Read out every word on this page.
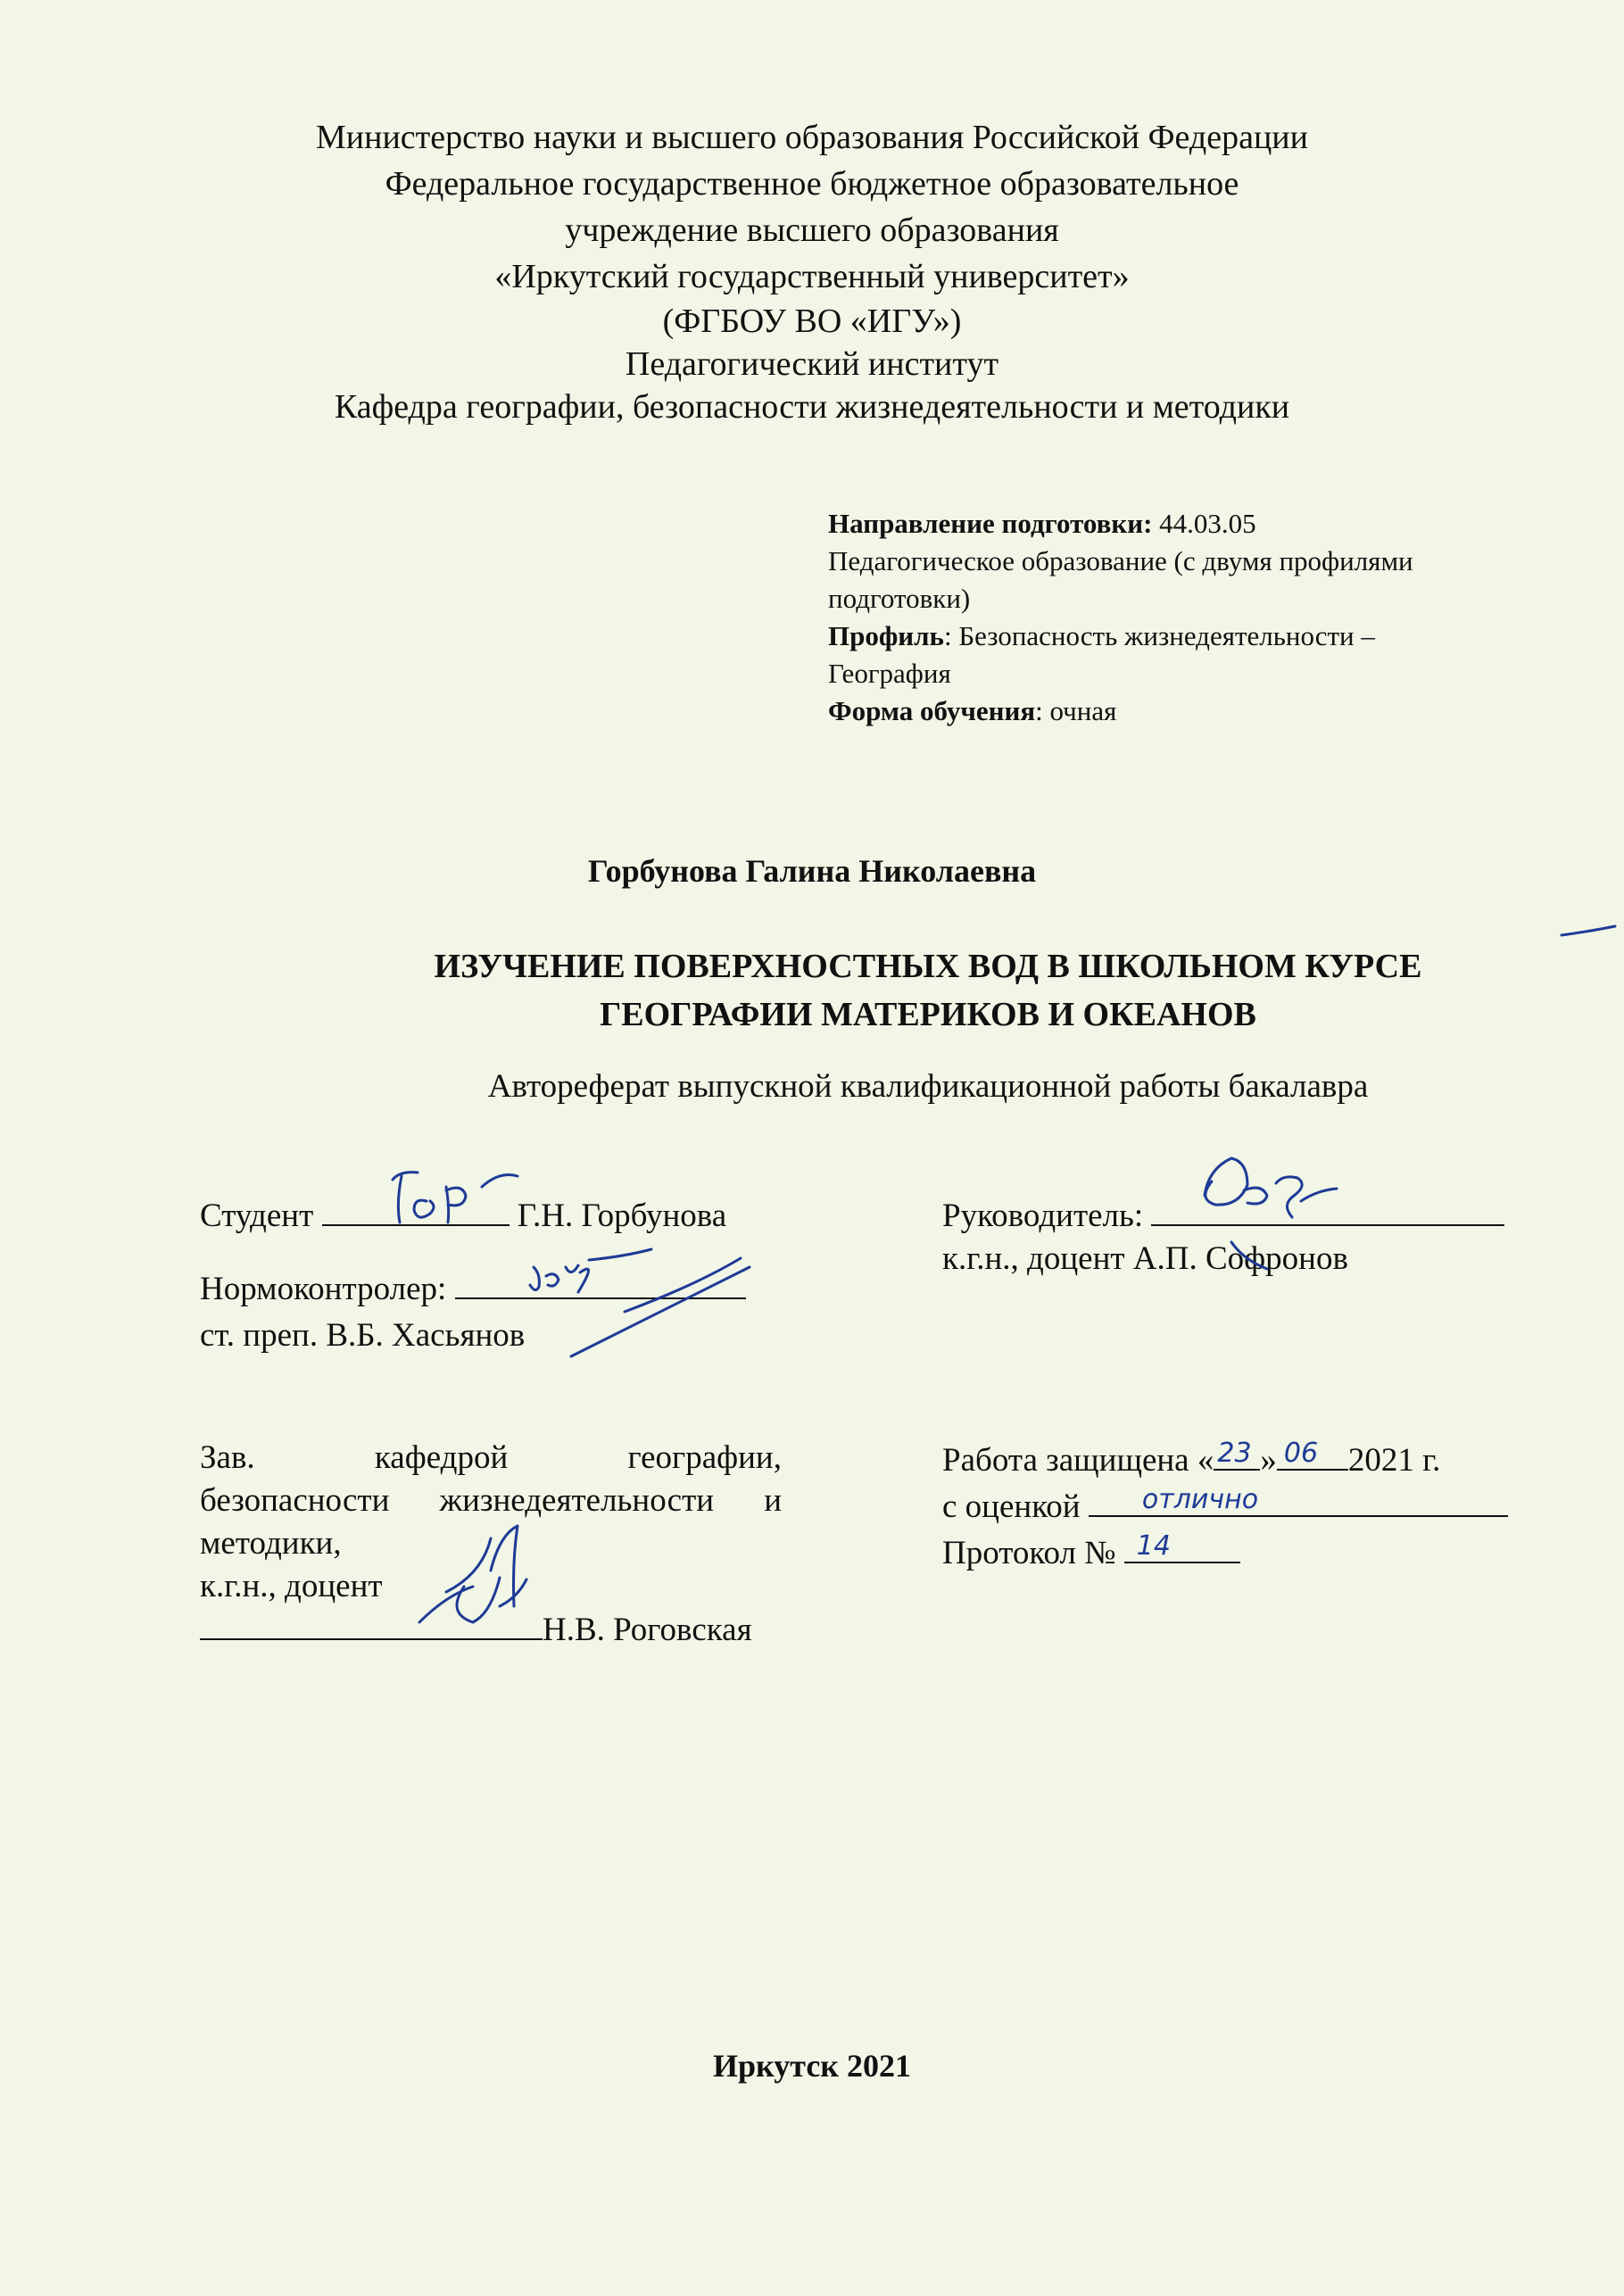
Министерство науки и высшего образования Российской Федерации
Федеральное государственное бюджетное образовательное
учреждение высшего образования
«Иркутский государственный университет»
(ФГБОУ ВО «ИГУ»)
Педагогический институт
Кафедра географии, безопасности жизнедеятельности и методики
Направление подготовки: 44.03.05
Педагогическое образование (с двумя профилями
подготовки)
Профиль: Безопасность жизнедеятельности –
География
Форма обучения: очная
Горбунова Галина Николаевна
ИЗУЧЕНИЕ ПОВЕРХНОСТНЫХ ВОД В ШКОЛЬНОМ КУРСЕ
ГЕОГРАФИИ МАТЕРИКОВ И ОКЕАНОВ
Автореферат выпускной квалификационной работы бакалавра
Студент	Г.Н. Горбунова
Нормоконтролер:
ст. преп. В.Б. Хасьянов
Руководитель:
к.г.н., доцент А.П. Софронов
Зав.	кафедрой	географии,
безопасности жизнедеятельности и
методики,
к.г.н., доцент
Н.В. Роговская
Работа защищена « 23 » 06 2021 г.
с оценкой отлично
Протокол № 14
Иркутск 2021
